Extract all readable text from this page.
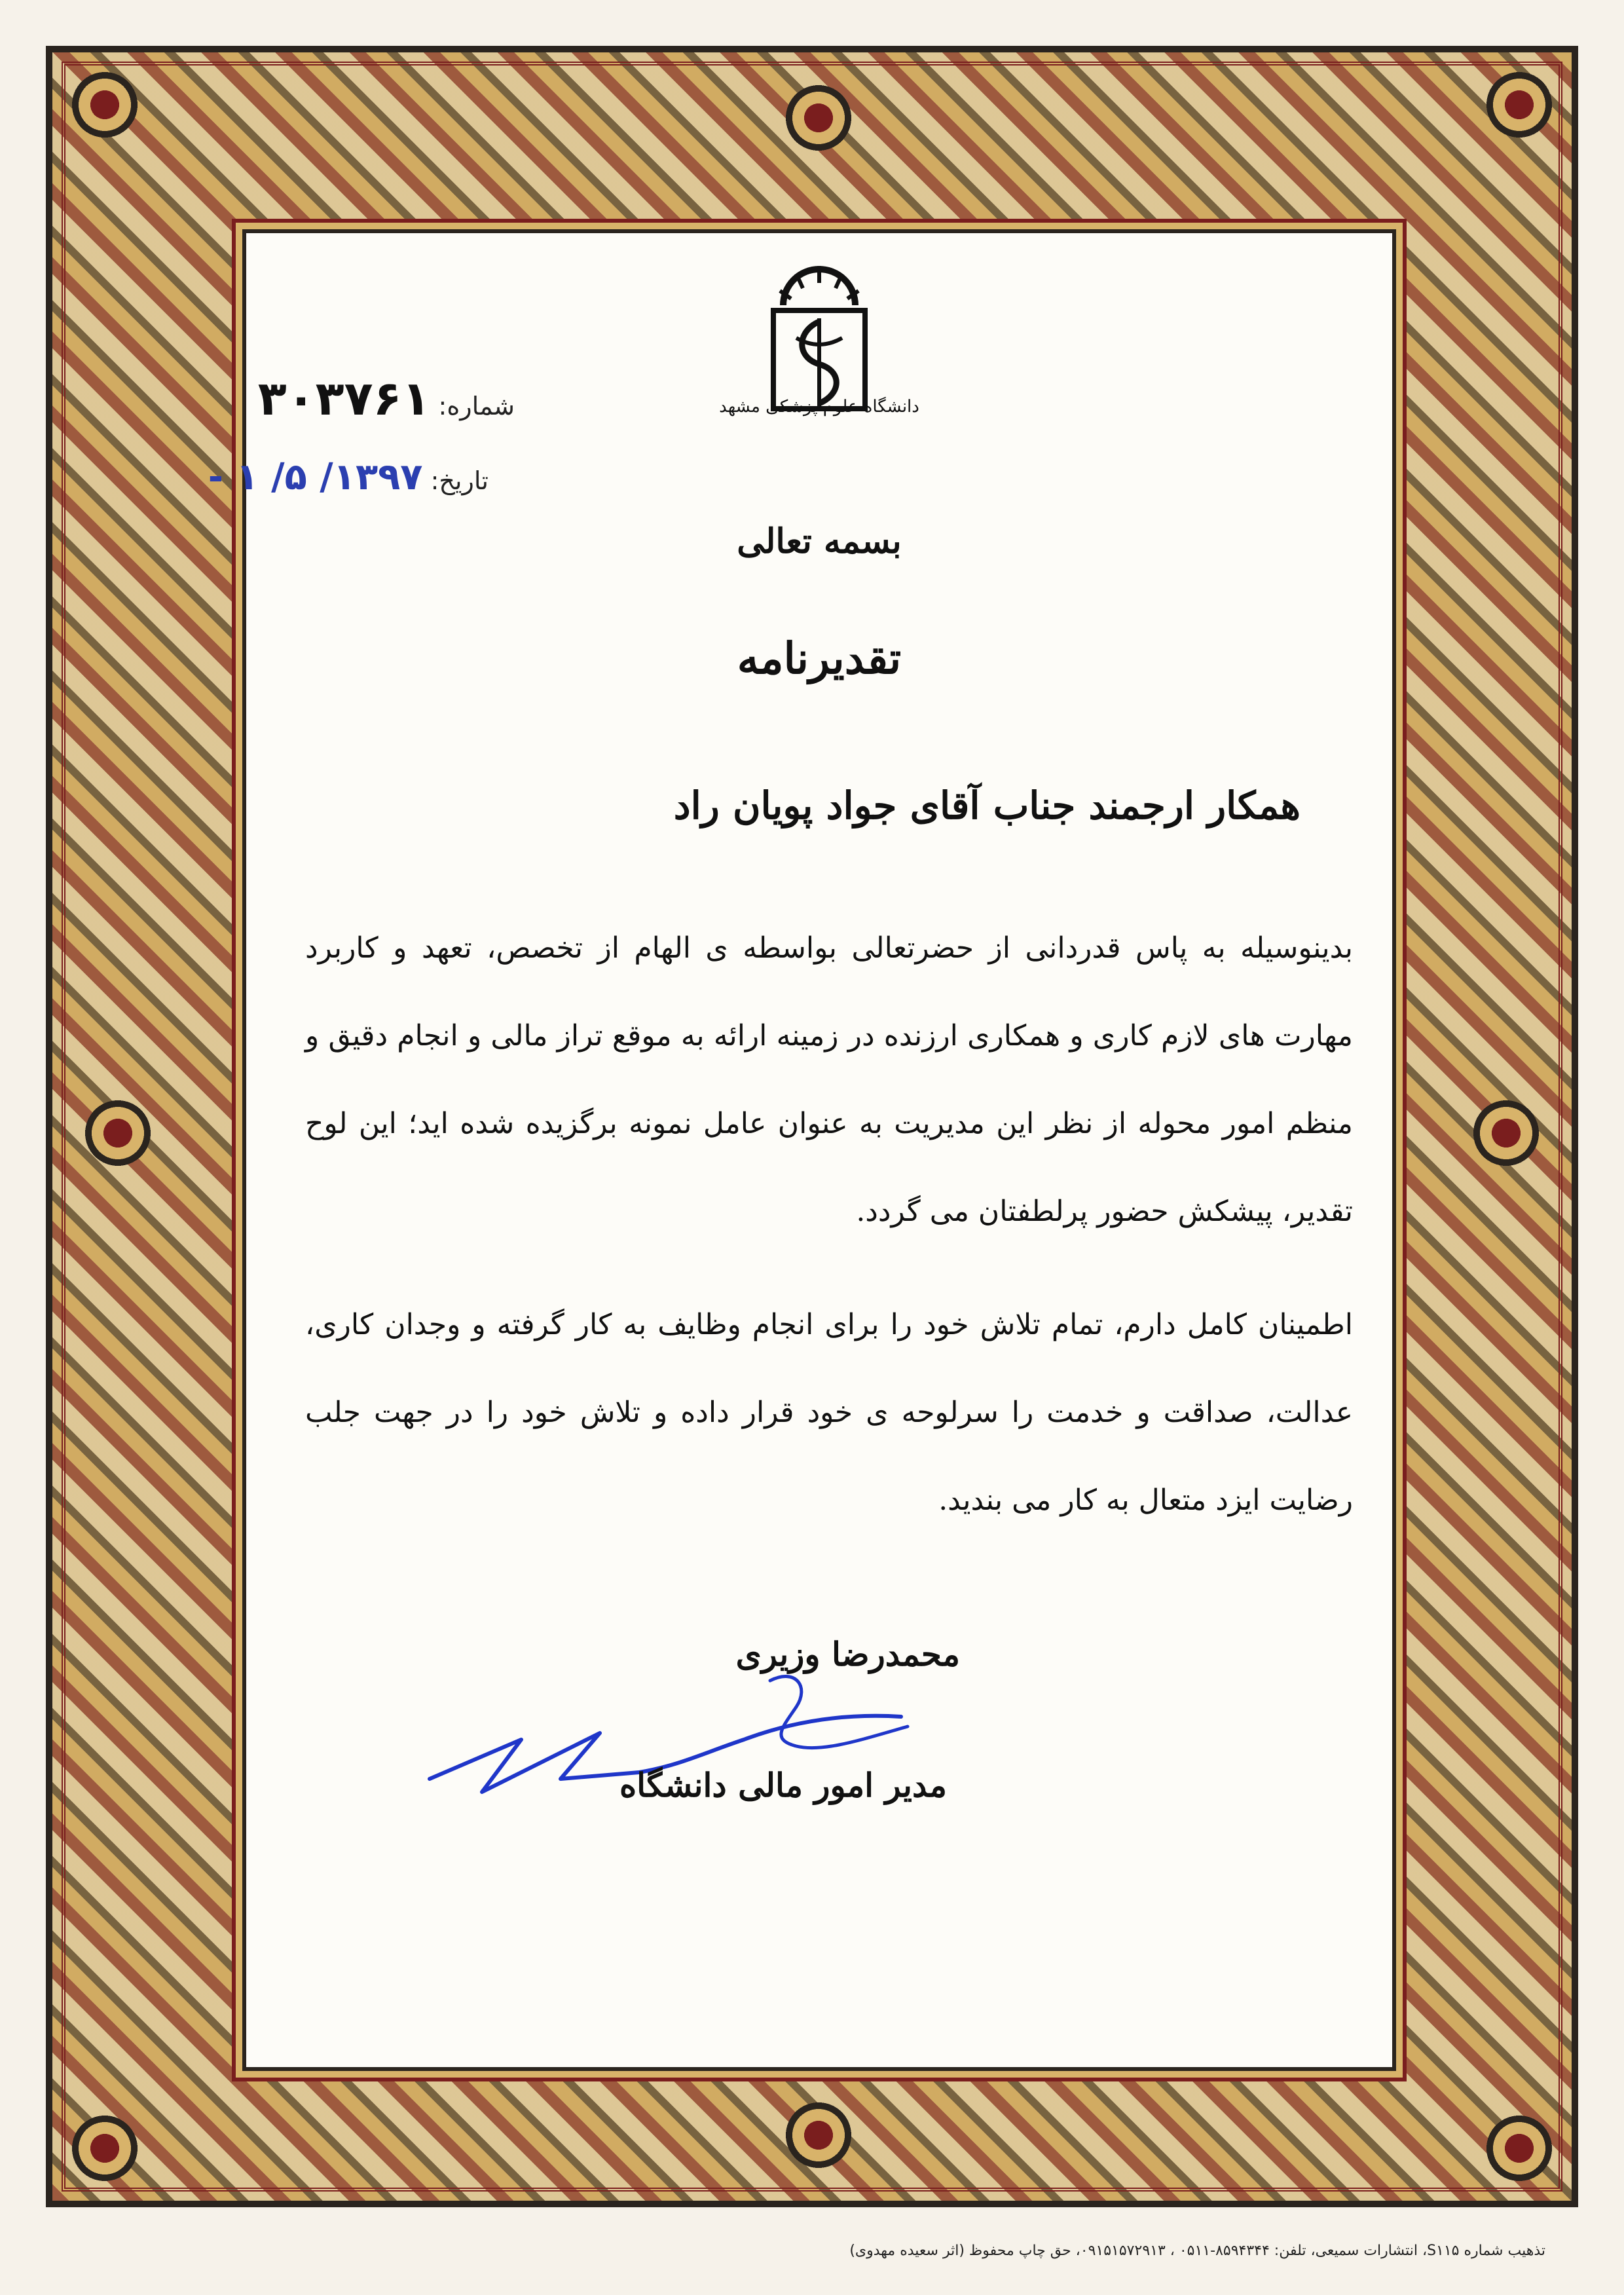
دانشگاه علوم پزشکی مشهد
شماره: ۳۰۳۷۶۱
تاریخ: ۱۳۹۷/ ۵/ ۱ -
بسمه تعالی
تقدیرنامه
همکار ارجمند جناب آقای جواد پویان راد
بدینوسیله به پاس قدردانی از حضرتعالی بواسطه ی الهام از تخصص، تعهد و کاربرد مهارت های لازم کاری و همکاری ارزنده در زمینه ارائه به موقع تراز مالی و انجام دقیق و منظم امور محوله از نظر این مدیریت به عنوان عامل نمونه برگزیده شده اید؛ این لوح تقدیر، پیشکش حضور پرلطفتان می گردد.
اطمینان کامل دارم، تمام تلاش خود را برای انجام وظایف به کار گرفته و وجدان کاری، عدالت، صداقت و خدمت را سرلوحه ی خود قرار داده و تلاش خود را در جهت جلب رضایت ایزد متعال به کار می بندید.
محمدرضا وزیری
مدیر امور مالی دانشگاه
تذهیب شماره S۱۱۵، انتشارات سمیعی، تلفن: ۸۵۹۴۳۴۴-۰۵۱۱ ، ۰۹۱۵۱۵۷۲۹۱۳، حق چاپ محفوظ (اثر سعیده مهدوی)
